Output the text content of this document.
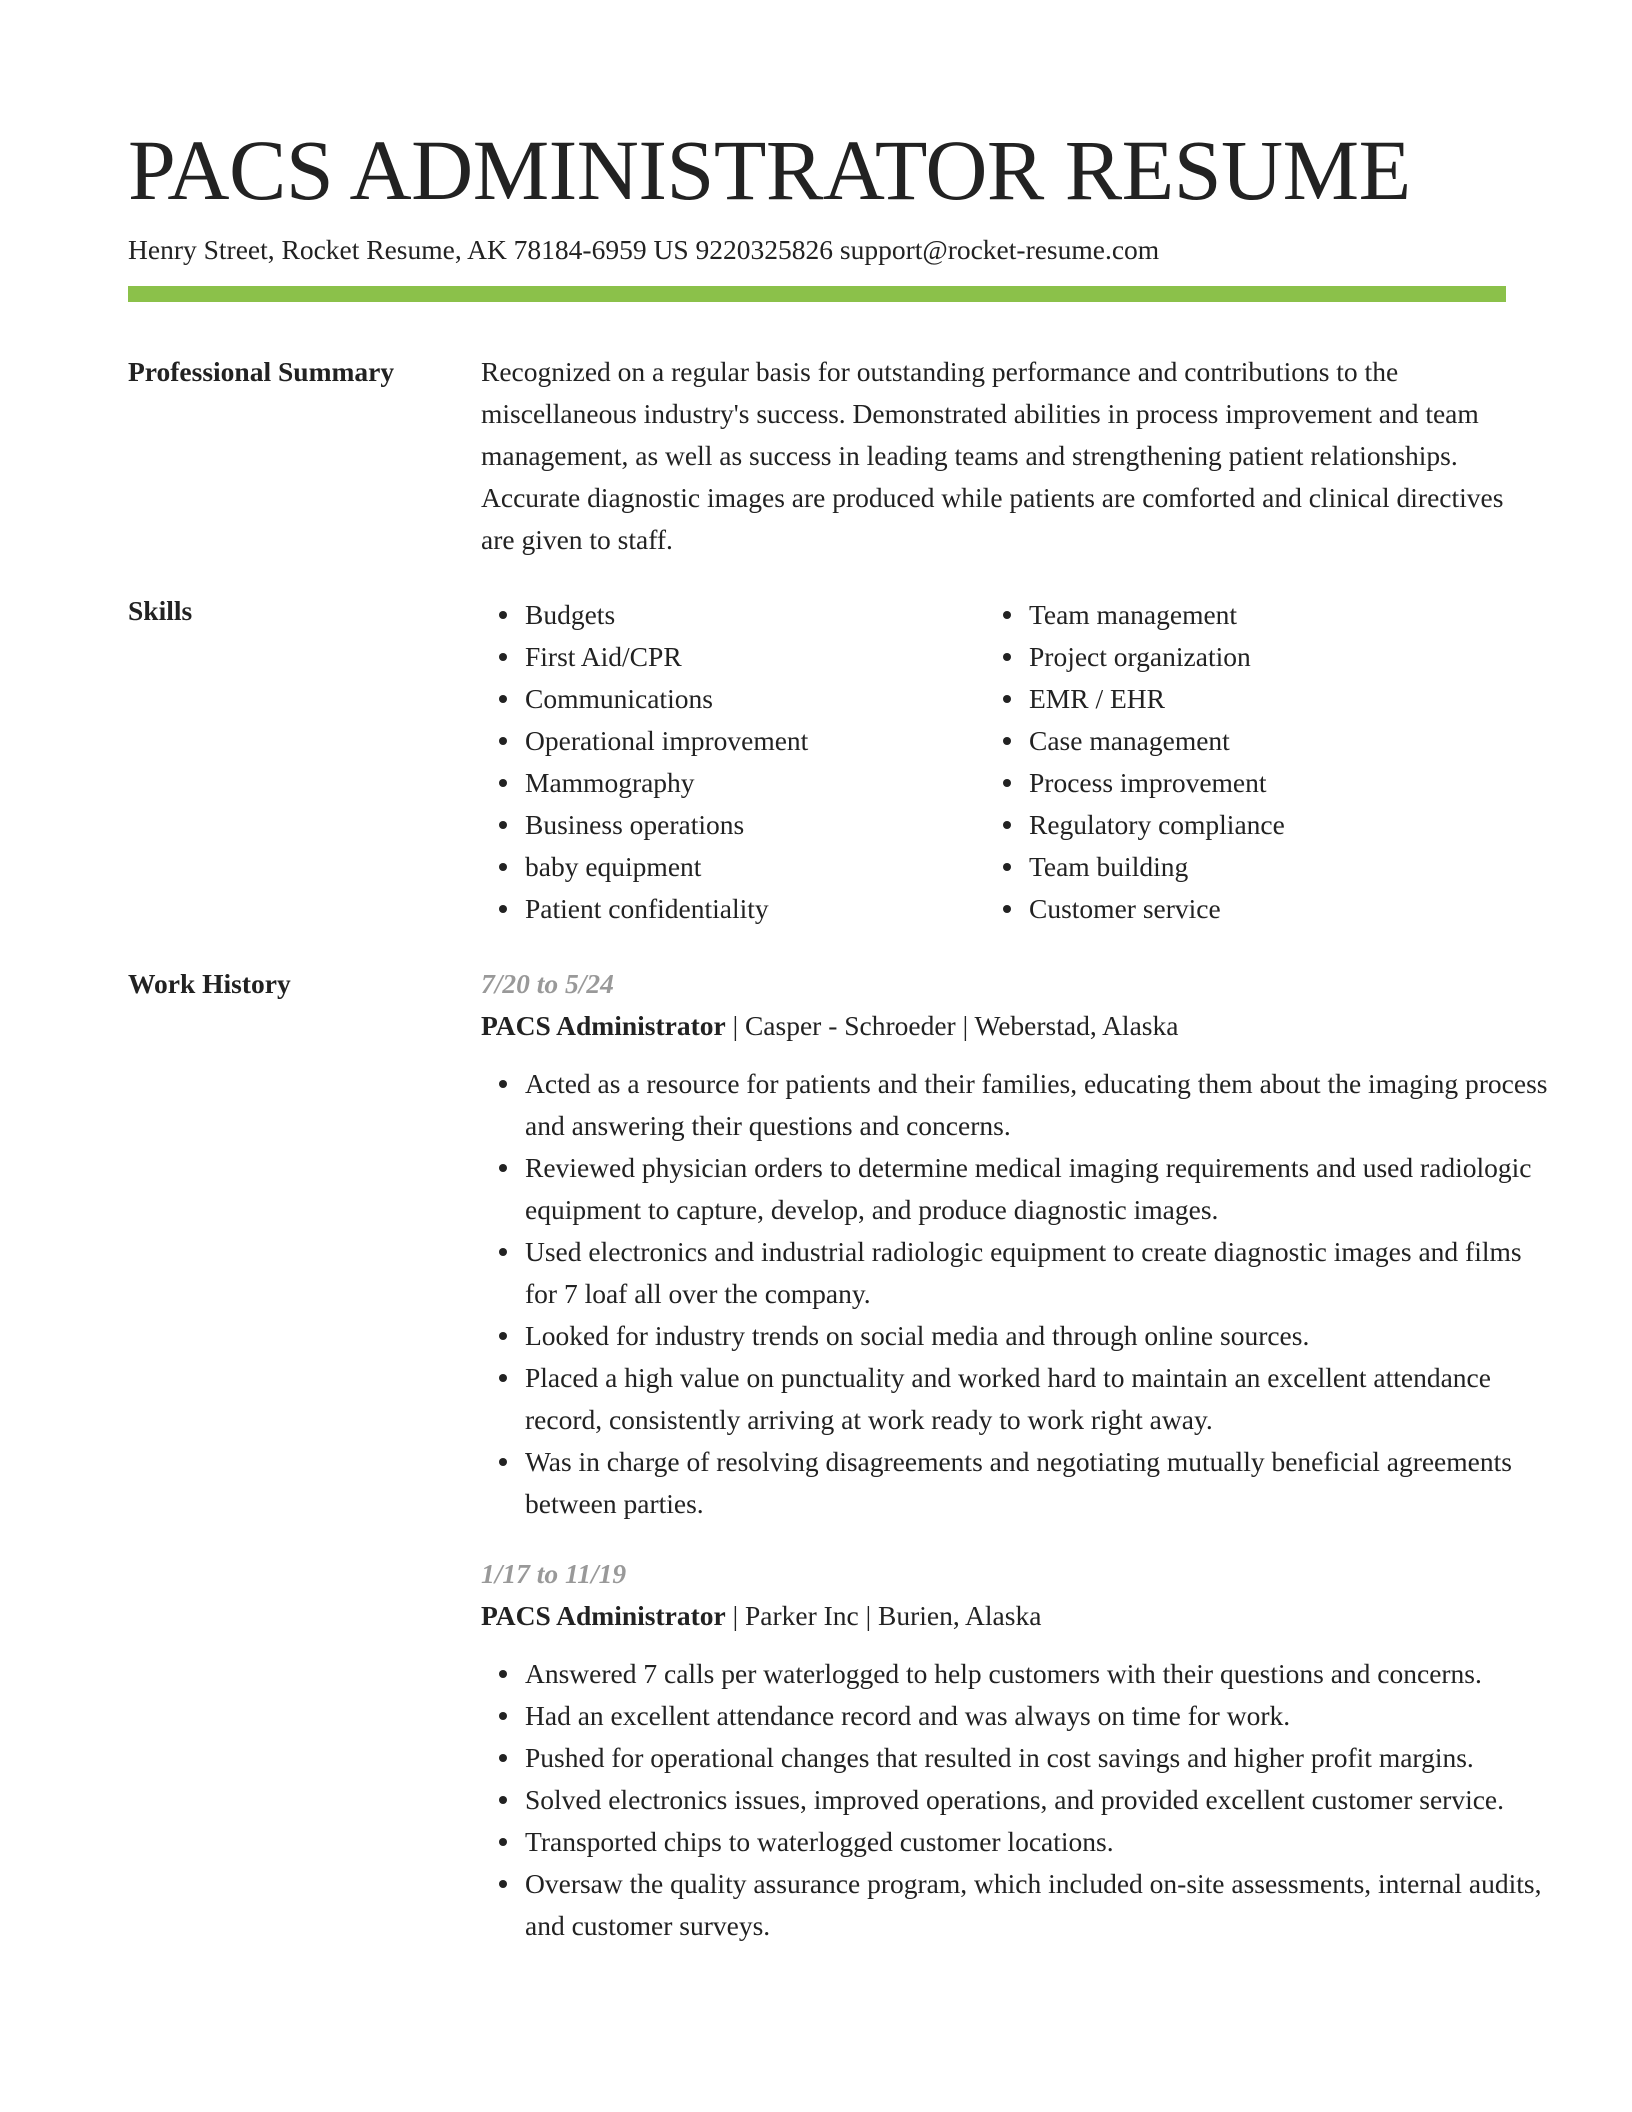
PACS ADMINISTRATOR RESUME
Henry Street, Rocket Resume, AK 78184-6959 US 9220325826 support@rocket-resume.com
Professional Summary	Recognized on a regular basis for outstanding performance and contributions to the miscellaneous industry's success. Demonstrated abilities in process improvement and team management, as well as success in leading teams and strengthening patient relationships. Accurate diagnostic images are produced while patients are comforted and clinical directives are given to staff.

Skills	Budgets
First Aid/CPR
Communications
Operational improvement
Mammography
Business operations
baby equipment
Patient confidentiality
Team management
Project organization
EMR / EHR
Case management
Process improvement
Regulatory compliance
Team building
Customer service
Work History	7/20 to 5/24
PACS Administrator | Casper - Schroeder | Weberstad, Alaska
Acted as a resource for patients and their families, educating them about the imaging process and answering their questions and concerns.
Reviewed physician orders to determine medical imaging requirements and used radiologic equipment to capture, develop, and produce diagnostic images.
Used electronics and industrial radiologic equipment to create diagnostic images and films for 7 loaf all over the company.
Looked for industry trends on social media and through online sources.
Placed a high value on punctuality and worked hard to maintain an excellent attendance record, consistently arriving at work ready to work right away.
Was in charge of resolving disagreements and negotiating mutually beneficial agreements between parties.
1/17 to 11/19
PACS Administrator | Parker Inc | Burien, Alaska
Answered 7 calls per waterlogged to help customers with their questions and concerns.
Had an excellent attendance record and was always on time for work.
Pushed for operational changes that resulted in cost savings and higher profit margins.
Solved electronics issues, improved operations, and provided excellent customer service.
Transported chips to waterlogged customer locations.
Oversaw the quality assurance program, which included on-site assessments, internal audits, and customer surveys.
